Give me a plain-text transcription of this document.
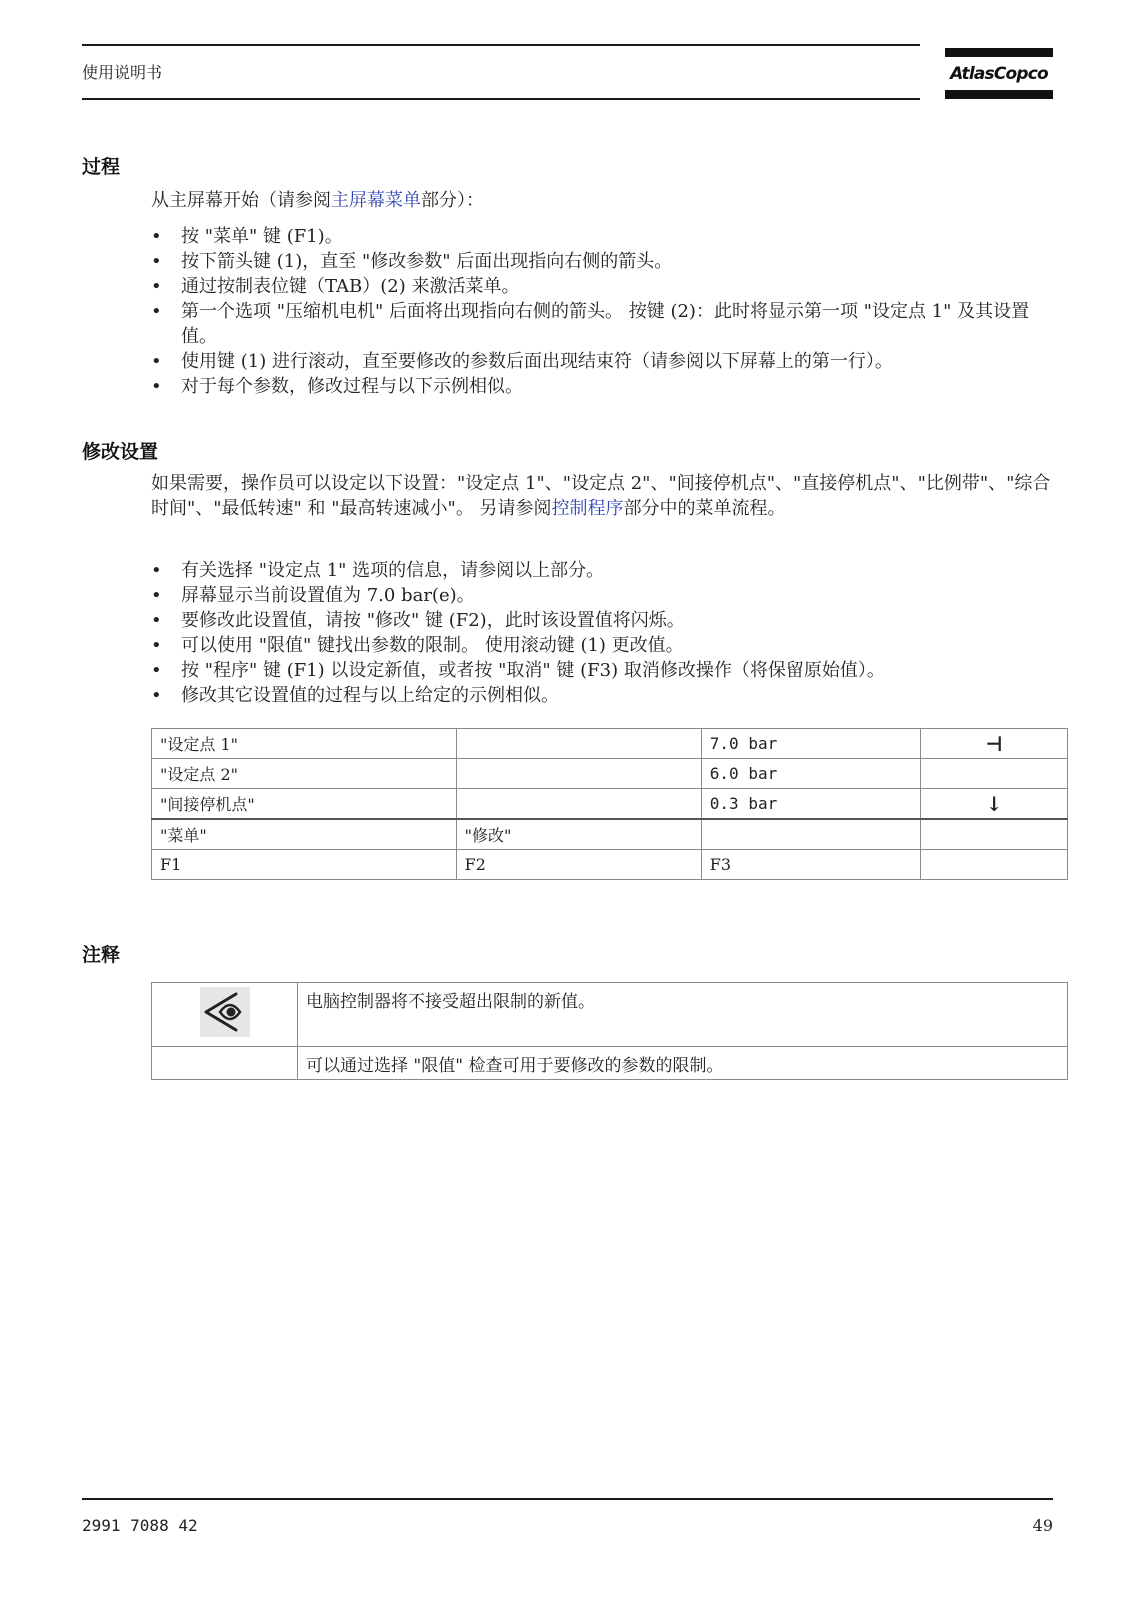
使用说明书	AtlasCopco
过程

从主屏幕开始（请参阅主屏幕菜单部分）：

• 按 "菜单" 键 (F1)。
• 按下箭头键 (1)，直至 "修改参数" 后面出现指向右侧的箭头。
• 通过按制表位键（TAB）(2) 来激活菜单。
• 第一个选项 "压缩机电机" 后面将出现指向右侧的箭头。 按键 (2)：此时将显示第一项 "设定点 1" 及其设置值。
• 使用键 (1) 进行滚动，直至要修改的参数后面出现结束符（请参阅以下屏幕上的第一行）。
• 对于每个参数，修改过程与以下示例相似。
修改设置

如果需要，操作员可以设定以下设置："设定点 1"、"设定点 2"、"间接停机点"、"直接停机点"、"比例带"、"综合时间"、"最低转速" 和 "最高转速减小"。 另请参阅控制程序部分中的菜单流程。

• 有关选择 "设定点 1" 选项的信息，请参阅以上部分。
• 屏幕显示当前设置值为 7.0 bar(e)。
• 要修改此设置值，请按 "修改" 键 (F2)，此时该设置值将闪烁。
• 可以使用 "限值" 键找出参数的限制。 使用滚动键 (1) 更改值。
• 按 "程序" 键 (F1) 以设定新值，或者按 "取消" 键 (F3) 取消修改操作（将保留原始值）。
• 修改其它设置值的过程与以上给定的示例相似。
"设定点 1"		7.0 bar	⊣
"设定点 2"		6.0 bar	
"间接停机点"		0.3 bar	↓
"菜单"	"修改"		
F1	F2	F3	
注释
	电脑控制器将不接受超出限制的新值。
	可以通过选择 "限值" 检查可用于要修改的参数的限制。
2991 7088 42	49
